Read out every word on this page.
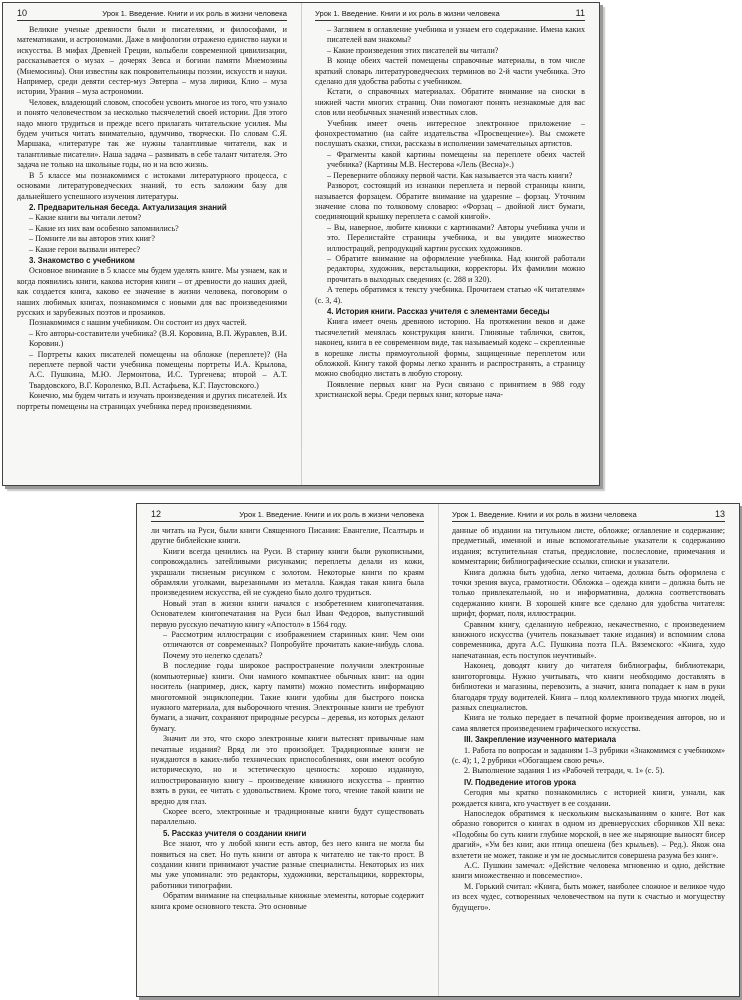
10	Урок 1. Введение. Книги и их роль в жизни человека

Великие ученые древности были и писателями, и философами, и математиками, и астрономами. Даже в мифологии отражено единство науки и искусства. В мифах Древней Греции, колыбели современной цивилизации, рассказывается о музах – дочерях Зевса и богини памяти Мнемозины (Мнемосины). Они известны как покровительницы поэзии, искусств и науки. Например, среди девяти сестер-муз Эвтерпа – муза лирики, Клио – муза истории, Урания – муза астрономии.

Человек, владеющий словом, способен усвоить многое из того, что узнало и понято человечеством за несколько тысячелетий своей истории. Для этого надо много трудиться и прежде всего прилагать читательские усилия. Мы будем учиться читать внимательно, вдумчиво, творчески. По словам С.Я. Маршака, «литературе так же нужны талантливые читатели, как и талантливые писатели». Наша задача – развивать в себе талант читателя. Это задача не только на школьные годы, но и на всю жизнь.

В 5 классе мы познакомимся с истоками литературного процесса, с основами литературоведческих знаний, то есть заложим базу для дальнейшего успешного изучения литературы.

2. Предварительная беседа. Актуализация знаний

– Какие книги вы читали летом?

– Какие из них вам особенно запомнились?

– Помните ли вы авторов этих книг?

– Какие герои вызвали интерес?

3. Знакомство с учебником

Основное внимание в 5 классе мы будем уделять книге. Мы узнаем, как и когда появились книги, какова история книги – от древности до наших дней, как создается книга, каково ее значение в жизни человека, поговорим о наших любимых книгах, познакомимся с новыми для вас произведениями русских и зарубежных поэтов и прозаиков.

Познакомимся с нашим учебником. Он состоит из двух частей.

– Кто авторы-составители учебника? (В.Я. Коровина, В.П. Журавлев, В.И. Коровин.)

– Портреты каких писателей помещены на обложке (переплете)? (На переплете первой части учебника помещены портреты И.А. Крылова, А.С. Пушкина, М.Ю. Лермонтова, И.С. Тургенева; второй – А.Т. Твардовского, В.Г. Короленко, В.П. Астафьева, К.Г. Паустовского.)

Конечно, мы будем читать и изучать произведения и других писателей. Их портреты помещены на страницах учебника перед произведениями.

Урок 1. Введение. Книги и их роль в жизни человека	11

– Заглянем в оглавление учебника и узнаем его содержание. Имена каких писателей вам знакомы?

– Какие произведения этих писателей вы читали?

В конце обеих частей помещены справочные материалы, в том числе краткий словарь литературоведческих терминов во 2-й части учебника. Это сделано для удобства работы с учебником.

Кстати, о справочных материалах. Обратите внимание на сноски в нижней части многих страниц. Они помогают понять незнакомые для вас слов или необычных значений известных слов.

Учебник имеет очень интересное электронное приложение – фонохрестоматию (на сайте издательства «Просвещение»). Вы сможете послушать сказки, стихи, рассказы в исполнении замечательных артистов.

– Фрагменты какой картины помещены на переплете обеих частей учебника? (Картины М.В. Нестерова «Лель (Весна)».)

– Переверните обложку первой части. Как называется эта часть книги?

Разворот, состоящий из изнанки переплета и первой страницы книги, называется форзацем. Обратите внимание на ударение – форзац. Уточним значение слова по толковому словарю: «Форзац – двойной лист бумаги, соединяющий крышку переплета с самой книгой».

– Вы, наверное, любите книжки с картинками? Авторы учебника учли и это. Перелистайте страницы учебника, и вы увидите множество иллюстраций, репродукций картин русских художников.

– Обратите внимание на оформление учебника. Над книгой работали редакторы, художник, верстальщики, корректоры. Их фамилии можно прочитать в выходных сведениях (с. 288 и 320).

А теперь обратимся к тексту учебника. Прочитаем статью «К читателям» (с. 3, 4).

4. История книги. Рассказ учителя с элементами беседы

Книга имеет очень древнюю историю. На протяжении веков и даже тысячелетий менялась конструкция книги. Глиняные таблички, свиток, наконец, книга в ее современном виде, так называемый кодекс – скрепленные в корешке листы прямоугольной формы, защищенные переплетом или обложкой. Книгу такой формы легко хранить и распространять, а страницу можно свободно листать в любую сторону.

Появление первых книг на Руси связано с принятием в 988 году христианской веры. Среди первых книг, которые нача-

12	Урок 1. Введение. Книги и их роль в жизни человека

ли читать на Руси, были книги Священного Писания: Евангелие, Псалтырь и другие библейские книги.

Книги всегда ценились на Руси. В старину книги были рукописными, сопровождались затейливыми рисунками; переплеты делали из кожи, украшали тисненым рисунком с золотом. Некоторые книги по краям обрамляли уголками, вырезанными из металла. Каждая такая книга была произведением искусства, ей не суждено было долго трудиться.

Новый этап в жизни книги начался с изобретением книгопечатания. Основателем книгопечатания на Руси был Иван Федоров, выпустивший первую русскую печатную книгу «Апостол» в 1564 году.

– Рассмотрим иллюстрации с изображением старинных книг. Чем они отличаются от современных? Попробуйте прочитать какие-нибудь слова. Почему это нелегко сделать?

В последние годы широкое распространение получили электронные (компьютерные) книги. Они намного компактнее обычных книг: на один носитель (например, диск, карту памяти) можно поместить информацию многотомной энциклопедии. Такие книги удобны для быстрого поиска нужного материала, для выборочного чтения. Электронные книги не требуют бумаги, а значит, сохраняют природные ресурсы – деревья, из которых делают бумагу.

Значит ли это, что скоро электронные книги вытеснят привычные нам печатные издания? Вряд ли это произойдет. Традиционные книги не нуждаются в каких-либо технических приспособлениях, они имеют особую историческую, но и эстетическую ценность: хорошо изданную, иллюстрированную книгу – произведение книжного искусства – приятно взять в руки, ее читать с удовольствием. Кроме того, чтение такой книги не вредно для глаз.

Скорее всего, электронные и традиционные книги будут существовать параллельно.

5. Рассказ учителя о создании книги

Все знают, что у любой книги есть автор, без него книга не могла бы появиться на свет. Но путь книги от автора к читателю не так-то прост. В создании книги принимают участие разные специалисты. Некоторых из них мы уже упоминали: это редакторы, художники, верстальщики, корректоры, работники типографии.

Обратим внимание на специальные книжные элементы, которые содержит книга кроме основного текста. Это основные

Урок 1. Введение. Книги и их роль в жизни человека	13

данные об издании на титульном листе, обложке; оглавление и содержание; предметный, именной и иные вспомогательные указатели к содержанию издания; вступительная статья, предисловие, послесловие, примечания и комментарии; библиографические ссылки, списки и указатели.

Книга должна быть удобна, легко читаема, должна быть оформлена с точки зрения вкуса, грамотности. Обложка – одежда книги – должна быть не только привлекательной, но и информативна, должна соответствовать содержанию книги. В хорошей книге все сделано для удобства читателя: шрифт, формат, поля, иллюстрации.

Сравним книгу, сделанную небрежно, некачественно, с произведением книжного искусства (учитель показывает такие издания) и вспомним слова современника, друга А.С. Пушкина поэта П.А. Вяземского: «Книга, худо напечатанная, есть поступок неучтивый».

Наконец, доводят книгу до читателя библиографы, библиотекари, книготорговцы. Нужно учитывать, что книги необходимо доставлять в библиотеки и магазины, перевозить, а значит, книга попадает к нам в руки благодаря труду водителей. Книга – плод коллективного труда многих людей, разных специалистов.

Книга не только передает в печатной форме произведения авторов, но и сама является произведением графического искусства.

III. Закрепление изученного материала

1. Работа по вопросам и заданиям 1–3 рубрики «Знакомимся с учебником» (с. 4); 1, 2 рубрики «Обогащаем свою речь».

2. Выполнение задания 1 из «Рабочей тетради, ч. 1» (с. 5).

IV. Подведение итогов урока

Сегодня мы кратко познакомились с историей книги, узнали, как рождается книга, кто участвует в ее создании.

Напоследок обратимся к нескольким высказываниям о книге. Вот как образно говорится о книгах в одном из древнерусских сборников XII века: «Подобны бо суть книги глубине морской, в нее же ныряющие выносят бисер драгий», «Ум без книг, аки птица опешена (без крыльев). – Ред.). Якож она взлетети не может, такоже и ум не досмыслится совершена разума без книг».

А.С. Пушкин замечал: «Действие человека мгновенно и одно, действие книги множественно и повсеместно».

М. Горький считал: «Книга, быть может, наиболее сложное и великое чудо из всех чудес, сотворенных человечеством на пути к счастью и могуществу будущего».
